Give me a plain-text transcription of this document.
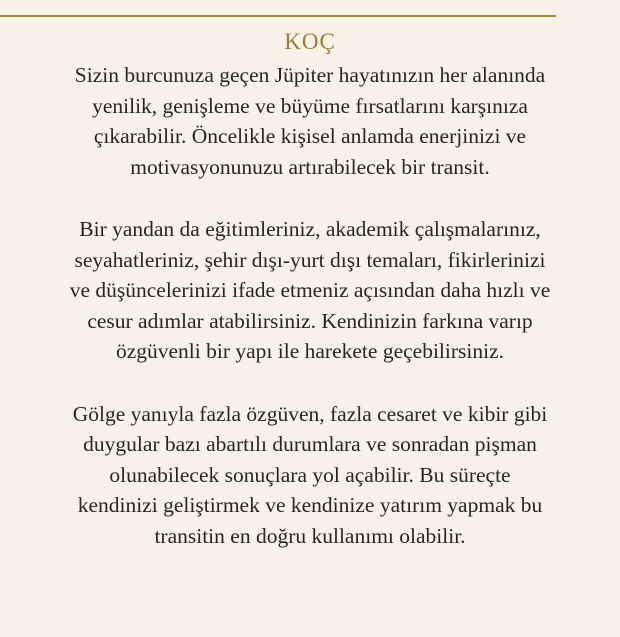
KOÇ

Sizin burcunuza geçen Jüpiter hayatınızın her alanında
yenilik, genişleme ve büyüme fırsatlarını karşınıza
çıkarabilir. Öncelikle kişisel anlamda enerjinizi ve
motivasyonunuzu artırabilecek bir transit.

Bir yandan da eğitimleriniz, akademik çalışmalarınız,
seyahatleriniz, şehir dışı-yurt dışı temaları, fikirlerinizi
ve düşüncelerinizi ifade etmeniz açısından daha hızlı ve
cesur adımlar atabilirsiniz. Kendinizin farkına varıp
özgüvenli bir yapı ile harekete geçebilirsiniz.

Gölge yanıyla fazla özgüven, fazla cesaret ve kibir gibi
duygular bazı abartılı durumlara ve sonradan pişman
olunabilecek sonuçlara yol açabilir. Bu süreçte
kendinizi geliştirmek ve kendinize yatırım yapmak bu
transitin en doğru kullanımı olabilir.
